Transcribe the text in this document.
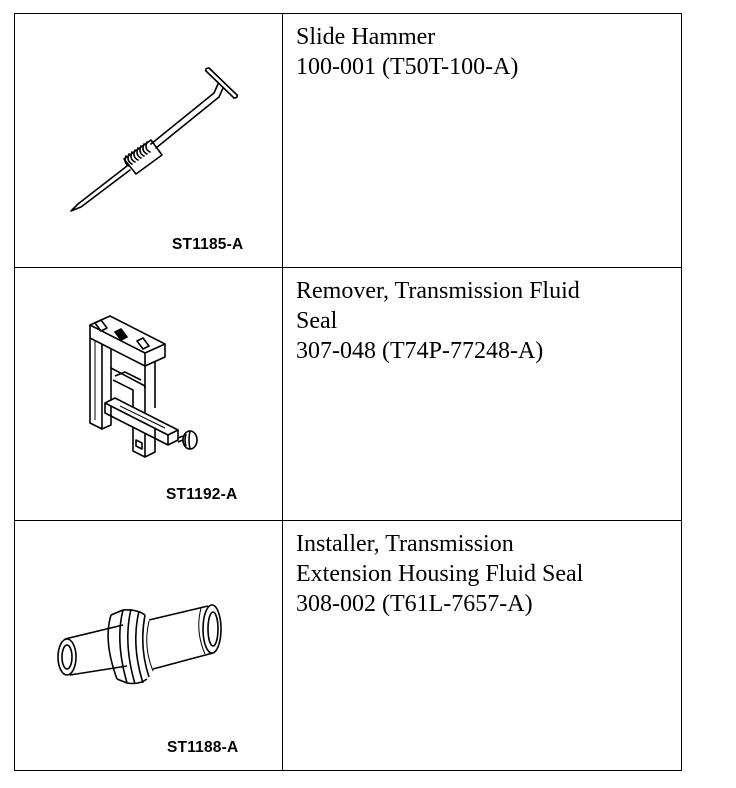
ST1185-A
Slide Hammer
100-001 (T50T-100-A)
ST1192-A
Remover, Transmission Fluid
Seal
307-048 (T74P-77248-A)
ST1188-A
Installer, Transmission
Extension Housing Fluid Seal
308-002 (T61L-7657-A)
